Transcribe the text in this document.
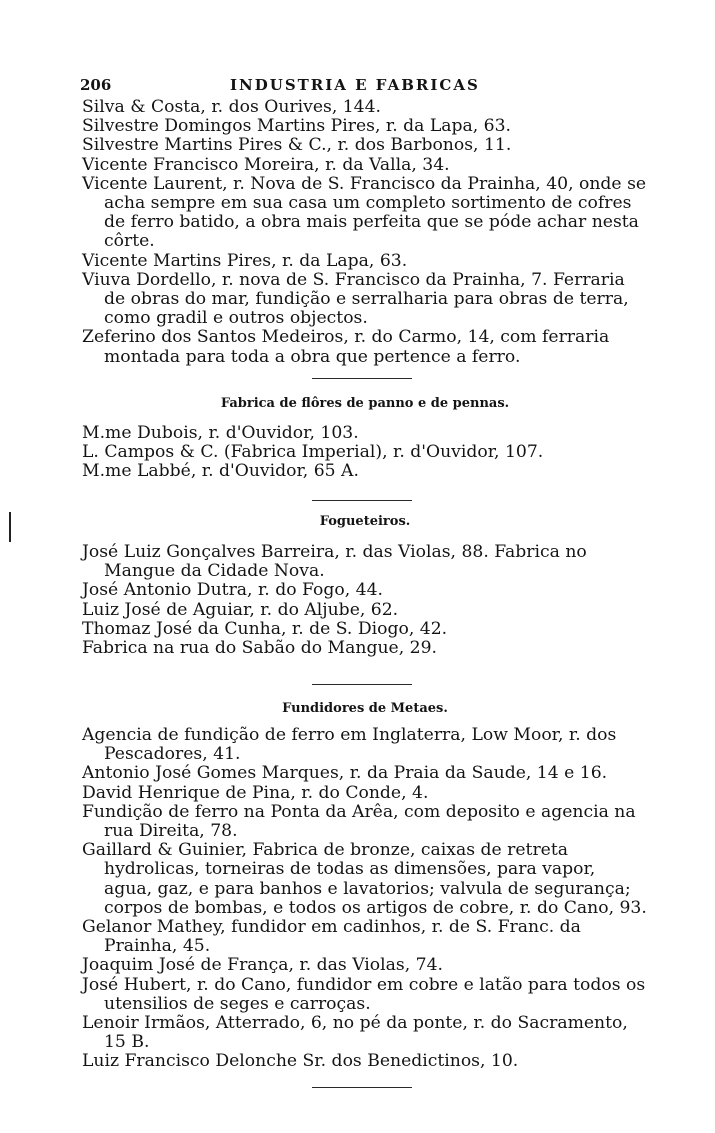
206	INDUSTRIA E FABRICAS

Silva & Costa, r. dos Ourives, 144.

Silvestre Domingos Martins Pires, r. da Lapa, 63.

Silvestre Martins Pires & C., r. dos Barbonos, 11.

Vicente Francisco Moreira, r. da Valla, 34.

Vicente Laurent, r. Nova de S. Francisco da Prainha, 40, onde se acha sempre em sua casa um completo sortimento de cofres de ferro batido, a obra mais perfeita que se póde achar nesta côrte.

Vicente Martins Pires, r. da Lapa, 63.

Viuva Dordello, r. nova de S. Francisco da Prainha, 7. Ferraria de obras do mar, fundição e serralharia para obras de terra, como gradil e outros objectos.

Zeferino dos Santos Medeiros, r. do Carmo, 14, com ferraria montada para toda a obra que pertence a ferro.

Fabrica de flôres de panno e de pennas.

M.me Dubois, r. d'Ouvidor, 103.

L. Campos & C. (Fabrica Imperial), r. d'Ouvidor, 107.

M.me Labbé, r. d'Ouvidor, 65 A.

Fogueteiros.

José Luiz Gonçalves Barreira, r. das Violas, 88. Fabrica no Mangue da Cidade Nova.

José Antonio Dutra, r. do Fogo, 44.

Luiz José de Aguiar, r. do Aljube, 62.

Thomaz José da Cunha, r. de S. Diogo, 42.

Fabrica na rua do Sabão do Mangue, 29.

Fundidores de Metaes.

Agencia de fundição de ferro em Inglaterra, Low Moor, r. dos Pescadores, 41.

Antonio José Gomes Marques, r. da Praia da Saude, 14 e 16.

David Henrique de Pina, r. do Conde, 4.

Fundição de ferro na Ponta da Arêa, com deposito e agencia na rua Direita, 78.

Gaillard & Guinier, Fabrica de bronze, caixas de retreta hydrolicas, torneiras de todas as dimensões, para vapor, agua, gaz, e para banhos e lavatorios; valvula de segurança; corpos de bombas, e todos os artigos de cobre, r. do Cano, 93.

Gelanor Mathey, fundidor em cadinhos, r. de S. Franc. da Prainha, 45.

Joaquim José de França, r. das Violas, 74.

José Hubert, r. do Cano, fundidor em cobre e latão para todos os utensilios de seges e carroças.

Lenoir Irmãos, Atterrado, 6, no pé da ponte, r. do Sacramento, 15 B.

Luiz Francisco Delonche Sr. dos Benedictinos, 10.
